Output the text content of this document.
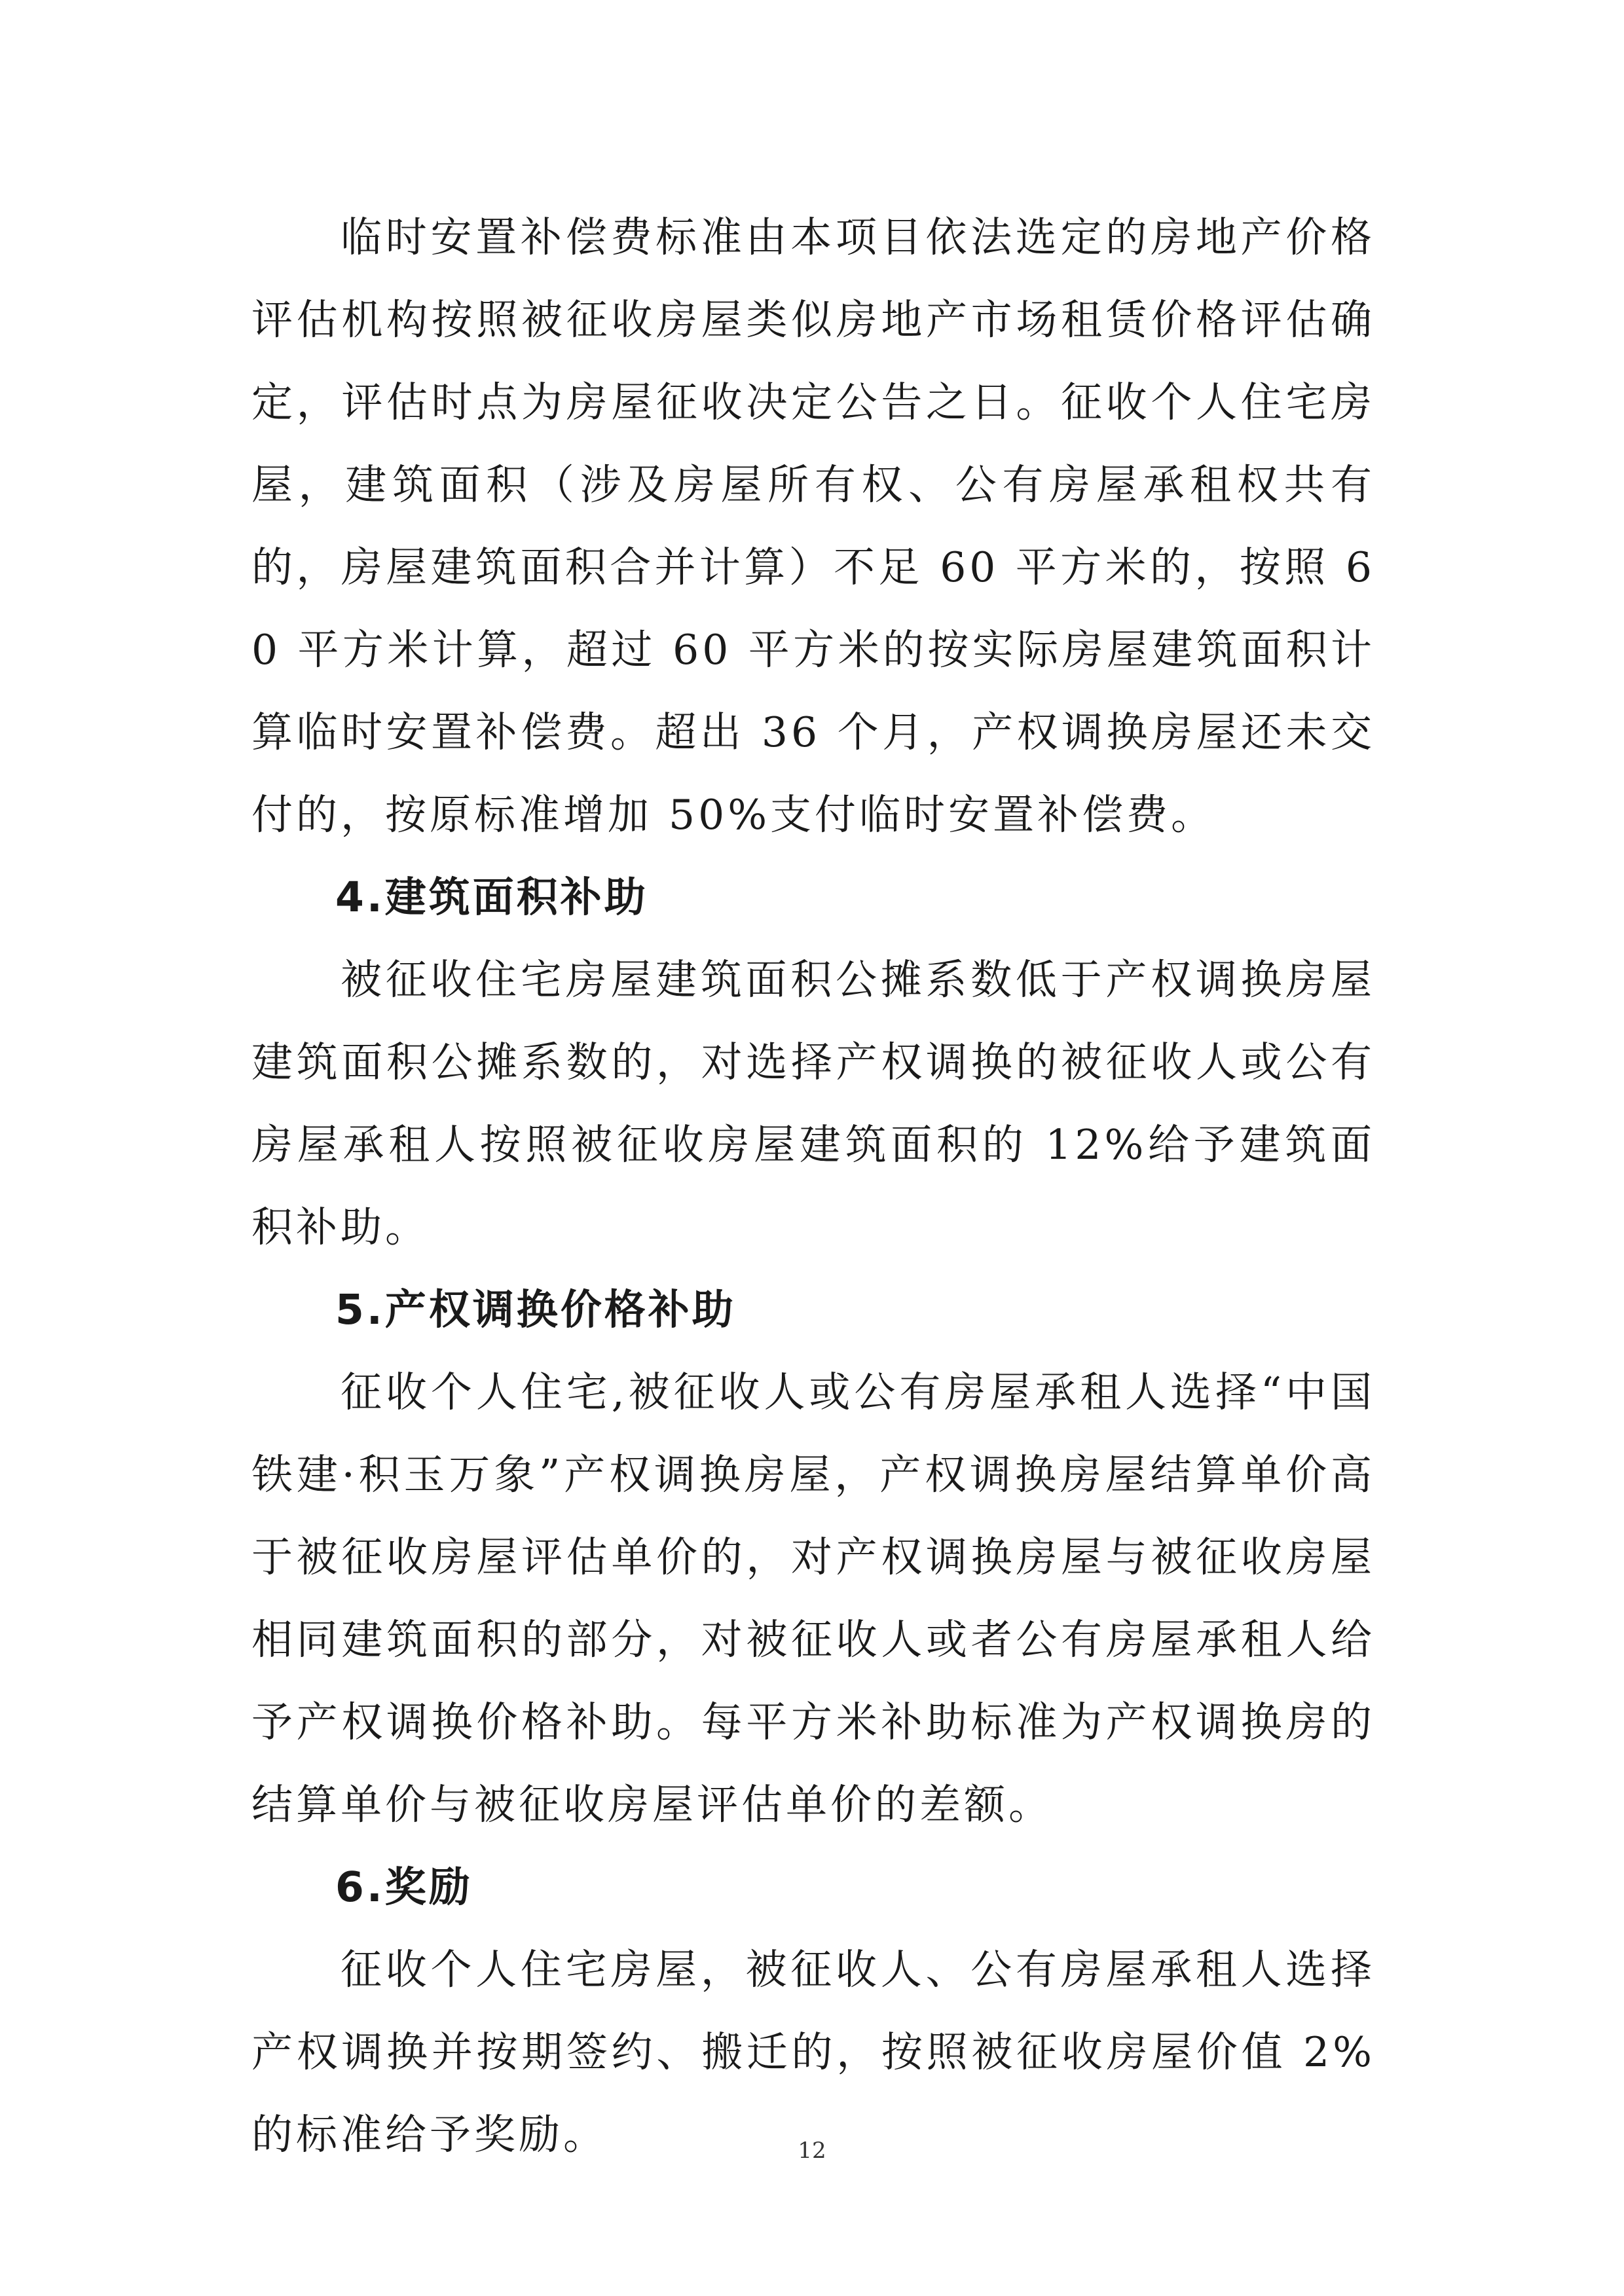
临时安置补偿费标准由本项目依法选定的房地产价格评估机构按照被征收房屋类似房地产市场租赁价格评估确定，评估时点为房屋征收决定公告之日。征收个人住宅房屋，建筑面积（涉及房屋所有权、公有房屋承租权共有的，房屋建筑面积合并计算）不足 60 平方米的，按照 60 平方米计算，超过 60 平方米的按实际房屋建筑面积计算临时安置补偿费。超出 36 个月，产权调换房屋还未交付的，按原标准增加 50%支付临时安置补偿费。

4.建筑面积补助

被征收住宅房屋建筑面积公摊系数低于产权调换房屋建筑面积公摊系数的，对选择产权调换的被征收人或公有房屋承租人按照被征收房屋建筑面积的 12%给予建筑面积补助。

5.产权调换价格补助

征收个人住宅,被征收人或公有房屋承租人选择“中国铁建·积玉万象”产权调换房屋，产权调换房屋结算单价高于被征收房屋评估单价的，对产权调换房屋与被征收房屋相同建筑面积的部分，对被征收人或者公有房屋承租人给予产权调换价格补助。每平方米补助标准为产权调换房的结算单价与被征收房屋评估单价的差额。

6.奖励

征收个人住宅房屋，被征收人、公有房屋承租人选择产权调换并按期签约、搬迁的，按照被征收房屋价值 2%的标准给予奖励。	12
